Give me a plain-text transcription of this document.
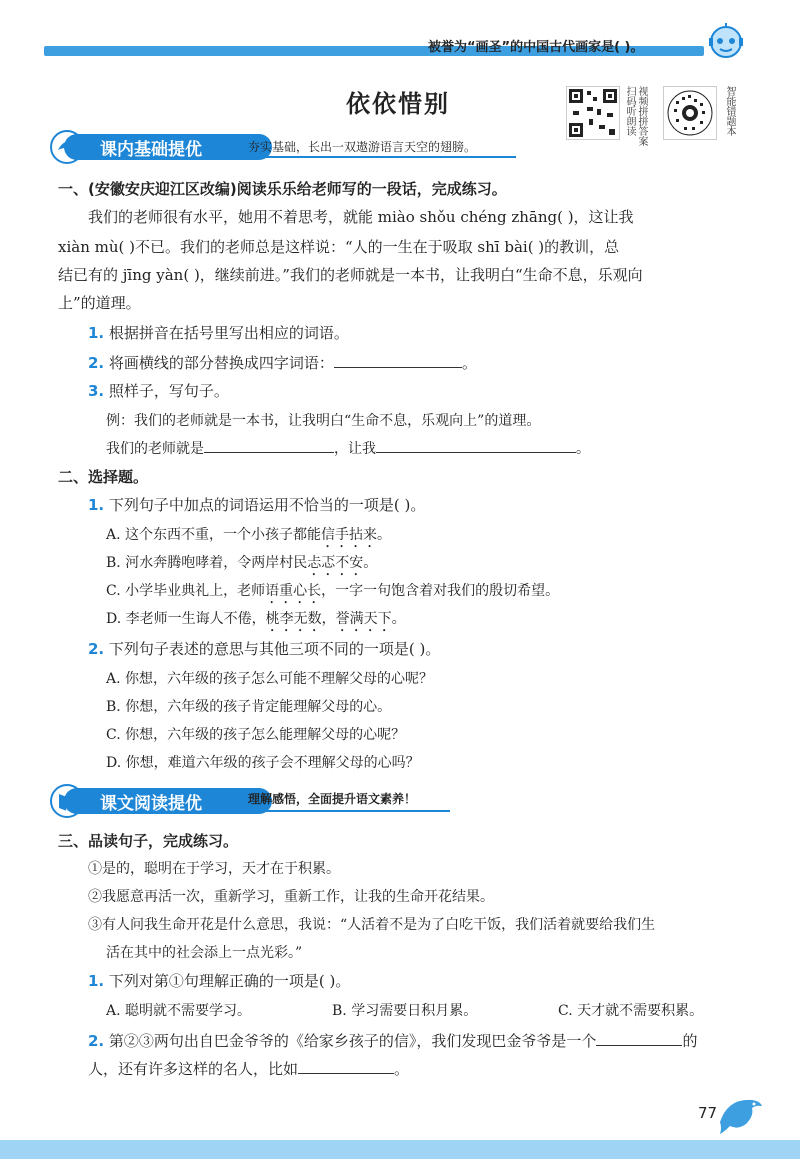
被誉为“画圣”的中国古代画家是( )。
依依惜别	扫码听朗读 视频拼拼答案	智能错题本
课内基础提优	夯实基础，长出一双遨游语言天空的翅膀。
一、(安徽安庆迎江区改编)阅读乐乐给老师写的一段话，完成练习。
我们的老师很有水平，她用不着思考，就能 miào shǒu chéng zhāng( )，这让我
xiàn mù( )不已。我们的老师总是这样说：“人的一生在于吸取 shī bài( )的教训，总
结已有的 jīng yàn( )，继续前进。”我们的老师就是一本书，让我明白“生命不息，乐观向
上”的道理。
1. 根据拼音在括号里写出相应的词语。
2. 将画横线的部分替换成四字词语：	。
3. 照样子，写句子。
例：我们的老师就是一本书，让我明白“生命不息，乐观向上”的道理。
我们的老师就是	，让我	。
二、选择题。
1. 下列句子中加点的词语运用不恰当的一项是( )。
A. 这个东西不重，一个小孩子都能信手拈来。
B. 河水奔腾咆哮着，令两岸村民忐忑不安。
C. 小学毕业典礼上，老师语重心长，一字一句饱含着对我们的殷切希望。
D. 李老师一生诲人不倦，桃李无数，誉满天下。
2. 下列句子表述的意思与其他三项不同的一项是( )。
A. 你想，六年级的孩子怎么可能不理解父母的心呢？
B. 你想，六年级的孩子肯定能理解父母的心。
C. 你想，六年级的孩子怎么能理解父母的心呢？
D. 你想，难道六年级的孩子会不理解父母的心吗？
课文阅读提优	理解感悟，全面提升语文素养！
三、品读句子，完成练习。
①是的，聪明在于学习，天才在于积累。
②我愿意再活一次，重新学习，重新工作，让我的生命开花结果。
③有人问我生命开花是什么意思，我说：“人活着不是为了白吃干饭，我们活着就要给我们生
活在其中的社会添上一点光彩。”
1. 下列对第①句理解正确的一项是( )。
A. 聪明就不需要学习。	B. 学习需要日积月累。	C. 天才就不需要积累。
2. 第②③两句出自巴金爷爷的《给家乡孩子的信》，我们发现巴金爷爷是一个	的
人，还有许多这样的名人，比如	。
77
